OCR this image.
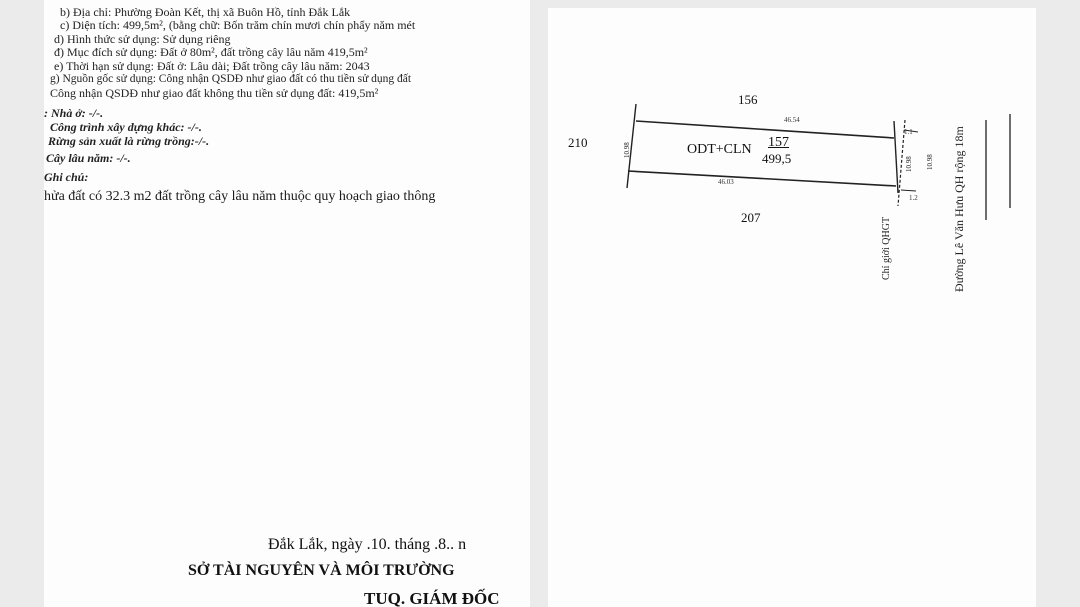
b) Địa chỉ: Phường Đoàn Kết, thị xã Buôn Hồ, tỉnh Đắk Lắk
c) Diện tích: 499,5m², (bằng chữ: Bốn trăm chín mươi chín phẩy năm mét
d) Hình thức sử dụng: Sử dụng riêng
đ) Mục đích sử dụng: Đất ở 80m², đất trồng cây lâu năm 419,5m²
e) Thời hạn sử dụng: Đất ở: Lâu dài; Đất trồng cây lâu năm: 2043
g) Nguồn gốc sử dụng: Công nhận QSDĐ như giao đất có thu tiền sử dụng đất
Công nhận QSDĐ như giao đất không thu tiền sử dụng đất: 419,5m²
: Nhà ở: -/-.
Công trình xây dựng khác: -/-.
Rừng sản xuất là rừng trồng:-/-.
Cây lâu năm: -/-.
Ghi chú:
hửa đất có 32.3 m2 đất trồng cây lâu năm thuộc quy hoạch giao thông
Đắk Lắk, ngày .10. tháng .8.. n
SỞ TÀI NGUYÊN VÀ MÔI TRƯỜNG
TUQ. GIÁM ĐỐC
156
210
207
ODT+CLN 157
499,5
46.54
46.03
10.98
1.1
10.98 10.98
1.2
Chỉ giới QHGT	Đường Lê Văn Hưu QH rộng 18m
